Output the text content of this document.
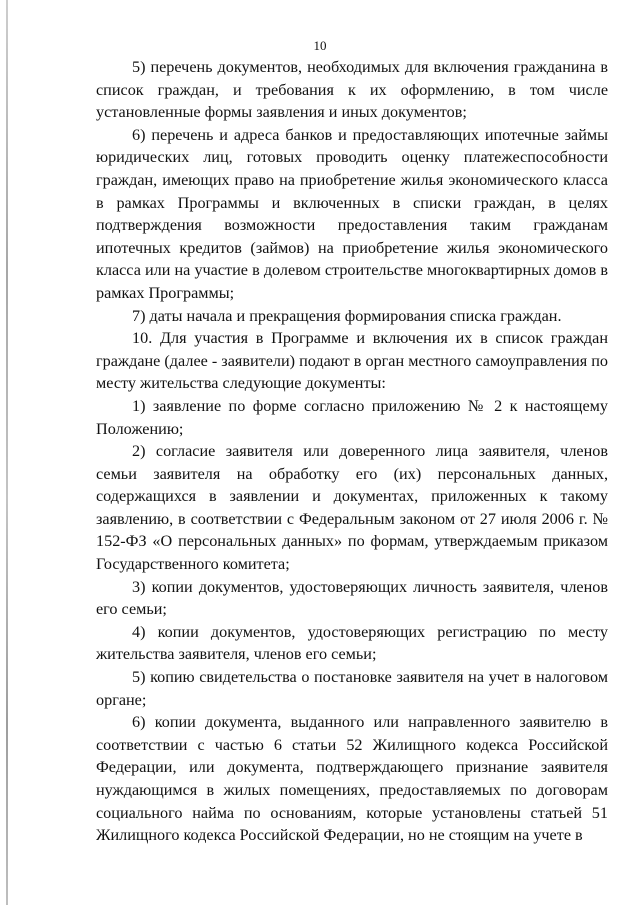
10

5) перечень документов, необходимых для включения гражданина в список граждан, и требования к их оформлению, в том числе установленные формы заявления и иных документов;

6) перечень и адреса банков и предоставляющих ипотечные займы юридических лиц, готовых проводить оценку платежеспособности граждан, имеющих право на приобретение жилья экономического класса в рамках Программы и включенных в списки граждан, в целях подтверждения возможности предоставления таким гражданам ипотечных кредитов (займов) на приобретение жилья экономического класса или на участие в долевом строительстве многоквартирных домов в рамках Программы;

7) даты начала и прекращения формирования списка граждан.

10. Для участия в Программе и включения их в список граждан граждане (далее - заявители) подают в орган местного самоуправления по месту жительства следующие документы:

1) заявление по форме согласно приложению № 2 к настоящему Положению;

2) согласие заявителя или доверенного лица заявителя, членов семьи заявителя на обработку его (их) персональных данных, содержащихся в заявлении и документах, приложенных к такому заявлению, в соответствии с Федеральным законом от 27 июля 2006 г. № 152-ФЗ «О персональных данных» по формам, утверждаемым приказом Государственного комитета;

3) копии документов, удостоверяющих личность заявителя, членов его семьи;

4) копии документов, удостоверяющих регистрацию по месту жительства заявителя, членов его семьи;

5) копию свидетельства о постановке заявителя на учет в налоговом органе;

6) копии документа, выданного или направленного заявителю в соответствии с частью 6 статьи 52 Жилищного кодекса Российской Федерации, или документа, подтверждающего признание заявителя нуждающимся в жилых помещениях, предоставляемых по договорам социального найма по основаниям, которые установлены статьей 51 Жилищного кодекса Российской Федерации, но не стоящим на учете в
